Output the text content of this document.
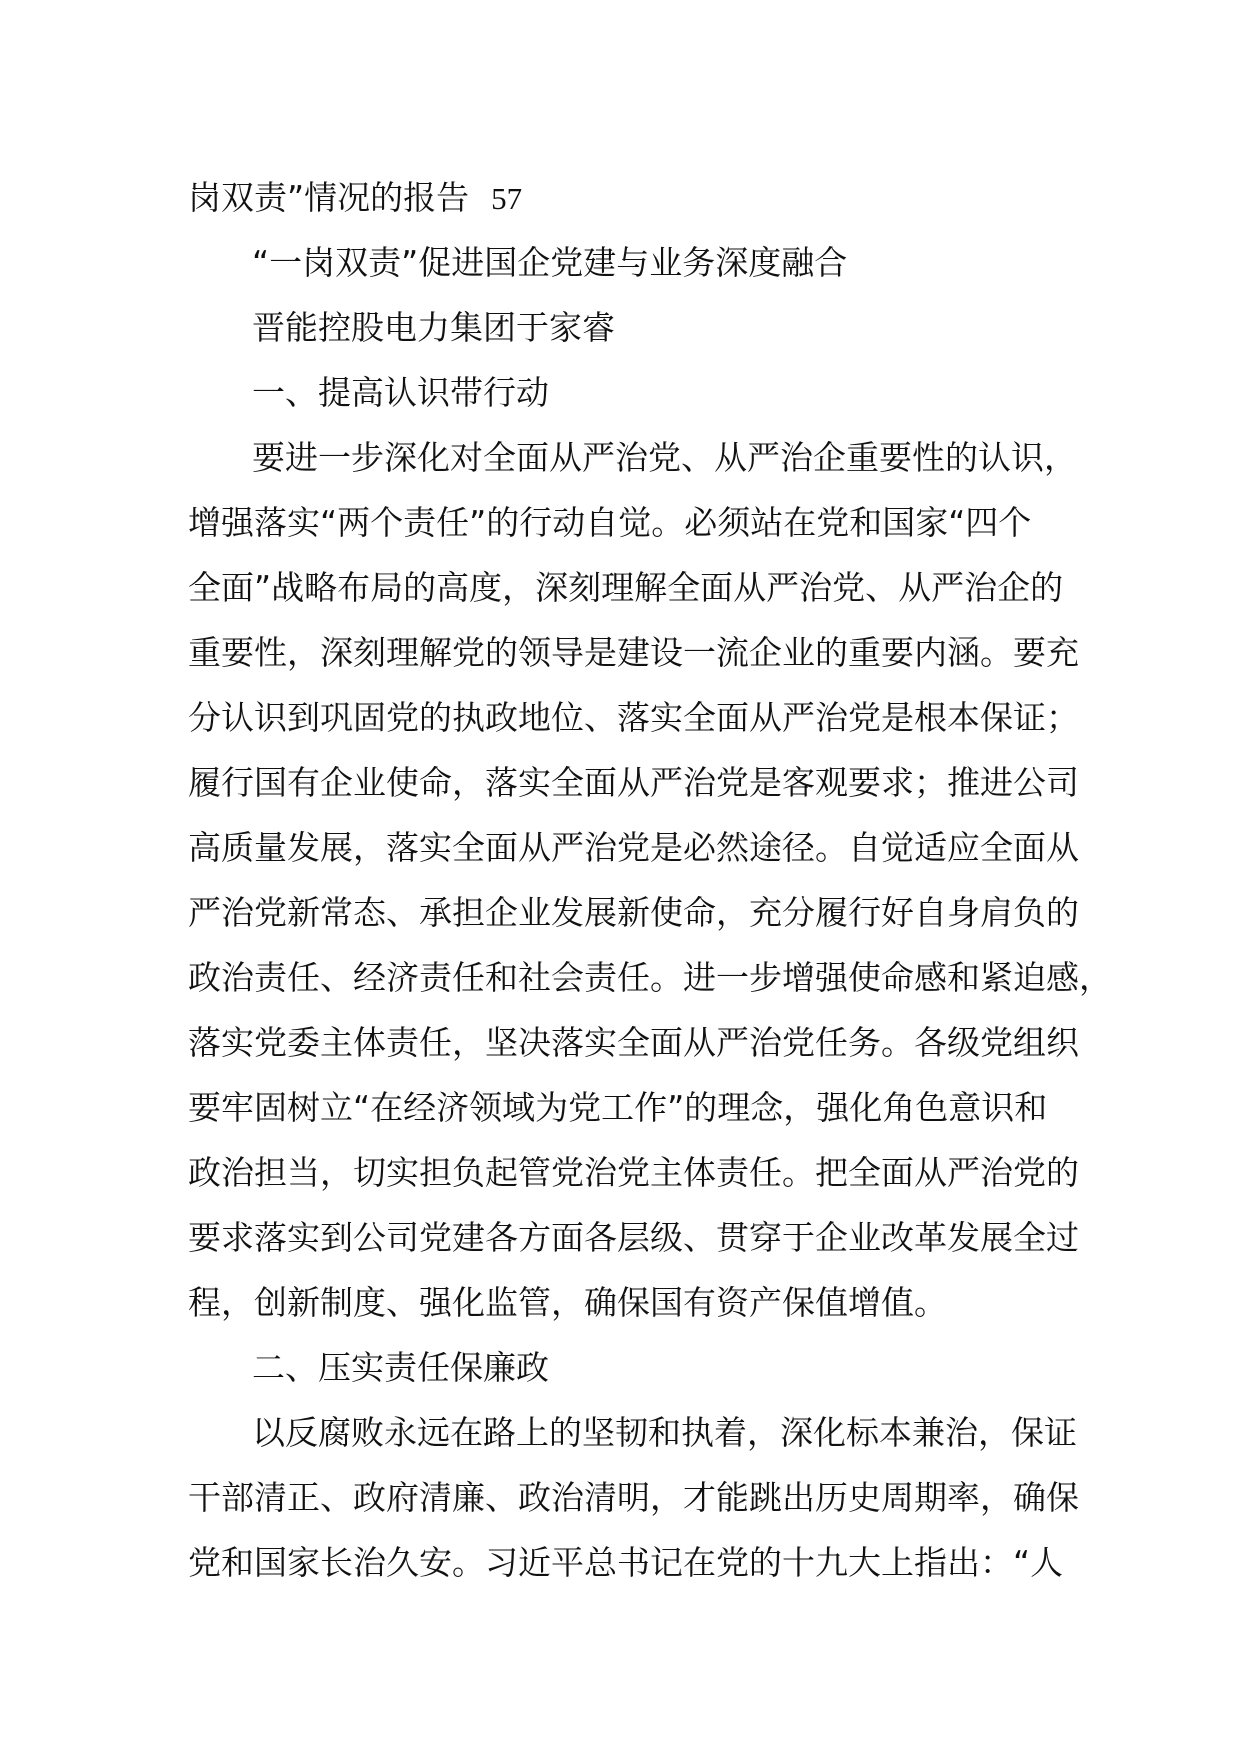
岗双责”情况的报告 57
“一岗双责”促进国企党建与业务深度融合
晋能控股电力集团于家睿
一、提高认识带行动
要进一步深化对全面从严治党、从严治企重要性的认识，
增强落实“两个责任”的行动自觉。必须站在党和国家“四个
全面”战略布局的高度，深刻理解全面从严治党、从严治企的
重要性，深刻理解党的领导是建设一流企业的重要内涵。要充
分认识到巩固党的执政地位、落实全面从严治党是根本保证；
履行国有企业使命，落实全面从严治党是客观要求；推进公司
高质量发展，落实全面从严治党是必然途径。自觉适应全面从
严治党新常态、承担企业发展新使命，充分履行好自身肩负的
政治责任、经济责任和社会责任。进一步增强使命感和紧迫感，
落实党委主体责任，坚决落实全面从严治党任务。各级党组织
要牢固树立“在经济领域为党工作”的理念，强化角色意识和
政治担当，切实担负起管党治党主体责任。把全面从严治党的
要求落实到公司党建各方面各层级、贯穿于企业改革发展全过
程，创新制度、强化监管，确保国有资产保值增值。
二、压实责任保廉政
以反腐败永远在路上的坚韧和执着，深化标本兼治，保证
干部清正、政府清廉、政治清明，才能跳出历史周期率，确保
党和国家长治久安。习近平总书记在党的十九大上指出：“人
